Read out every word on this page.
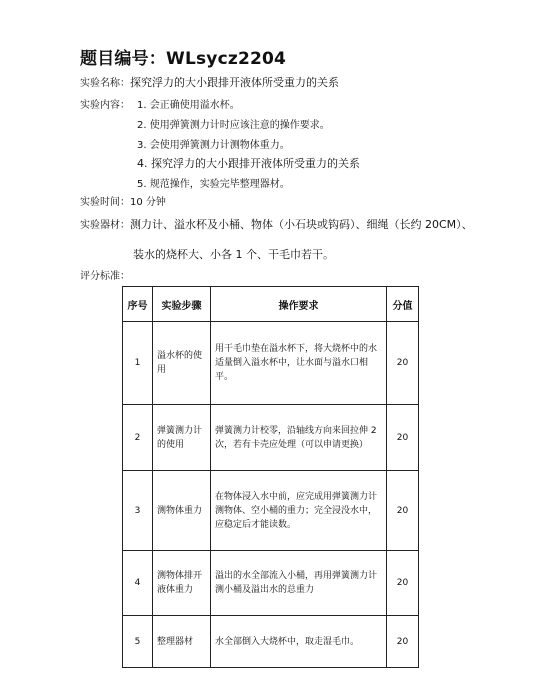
题目编号：WLsycz2204
实验名称：探究浮力的大小跟排开液体所受重力的关系
实验内容： 1. 会正确使用溢水杯。
2. 使用弹簧测力计时应该注意的操作要求。
3. 会使用弹簧测力计测物体重力。
4. 探究浮力的大小跟排开液体所受重力的关系
5. 规范操作，实验完毕整理器材。
实验时间：10 分钟
实验器材：测力计、溢水杯及小桶、物体（小石块或钩码）、细绳（长约 20CM）、
装水的烧杯大、小各 1 个、干毛巾若干。
评分标准：
序号	实验步骤	操作要求	分值
1	溢水杯的使用	用干毛巾垫在溢水杯下，将大烧杯中的水适量倒入溢水杯中，让水面与溢水口相平。	20
2	弹簧测力计的使用	弹簧测力计校零，沿轴线方向来回拉伸 2 次，若有卡壳应处理（可以申请更换）	20
3	测物体重力	在物体浸入水中前，应完成用弹簧测力计测物体、空小桶的重力；完全浸没水中，应稳定后才能读数。	20
4	测物体排开液体重力	溢出的水全部流入小桶，再用弹簧测力计测小桶及溢出水的总重力	20
5	整理器材	水全部倒入大烧杯中，取走湿毛巾。	20
